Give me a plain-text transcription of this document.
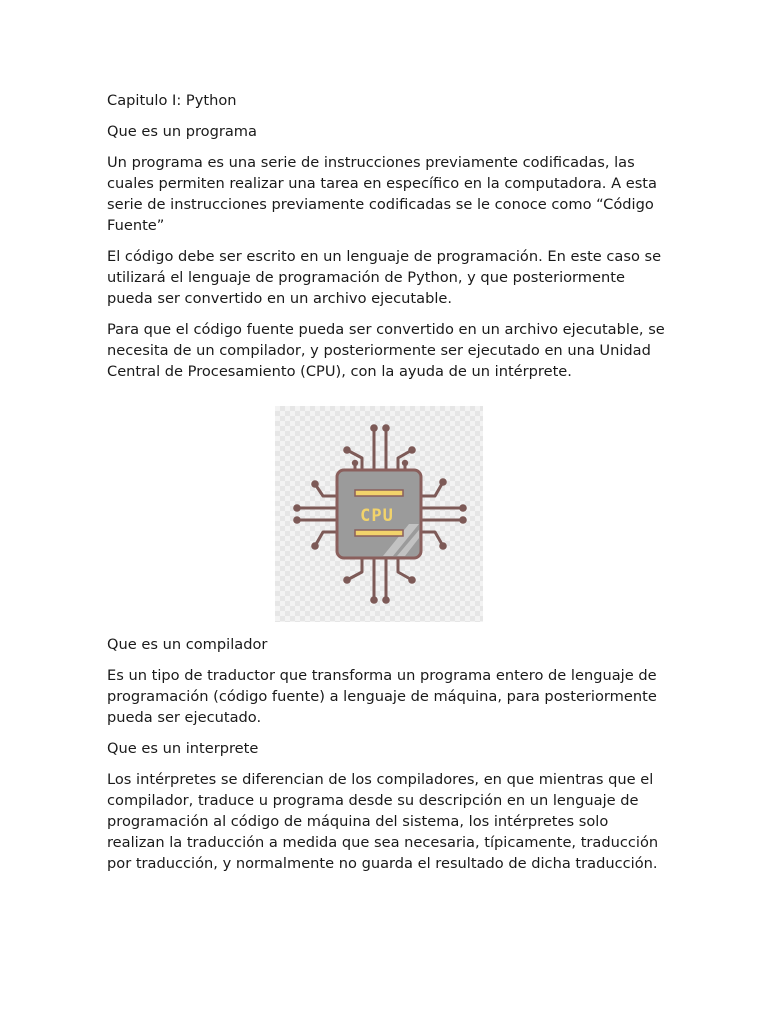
Capitulo I: Python

Que es un programa

Un programa es una serie de instrucciones previamente codificadas, las cuales permiten realizar una tarea en específico en la computadora. A esta serie de instrucciones previamente codificadas se le conoce como “Código Fuente”

El código debe ser escrito en un lenguaje de programación. En este caso se utilizará el lenguaje de programación de Python, y que posteriormente pueda ser convertido en un archivo ejecutable.

Para que el código fuente pueda ser convertido en un archivo ejecutable, se necesita de un compilador, y posteriormente ser ejecutado en una Unidad Central de Procesamiento (CPU), con la ayuda de un intérprete.

CPU

Que es un compilador

Es un tipo de traductor que transforma un programa entero de lenguaje de programación (código fuente) a lenguaje de máquina, para posteriormente pueda ser ejecutado.

Que es un interprete

Los intérpretes se diferencian de los compiladores, en que mientras que el compilador, traduce u programa desde su descripción en un lenguaje de programación al código de máquina del sistema, los intérpretes solo realizan la traducción a medida que sea necesaria, típicamente, traducción por traducción, y normalmente no guarda el resultado de dicha traducción.
